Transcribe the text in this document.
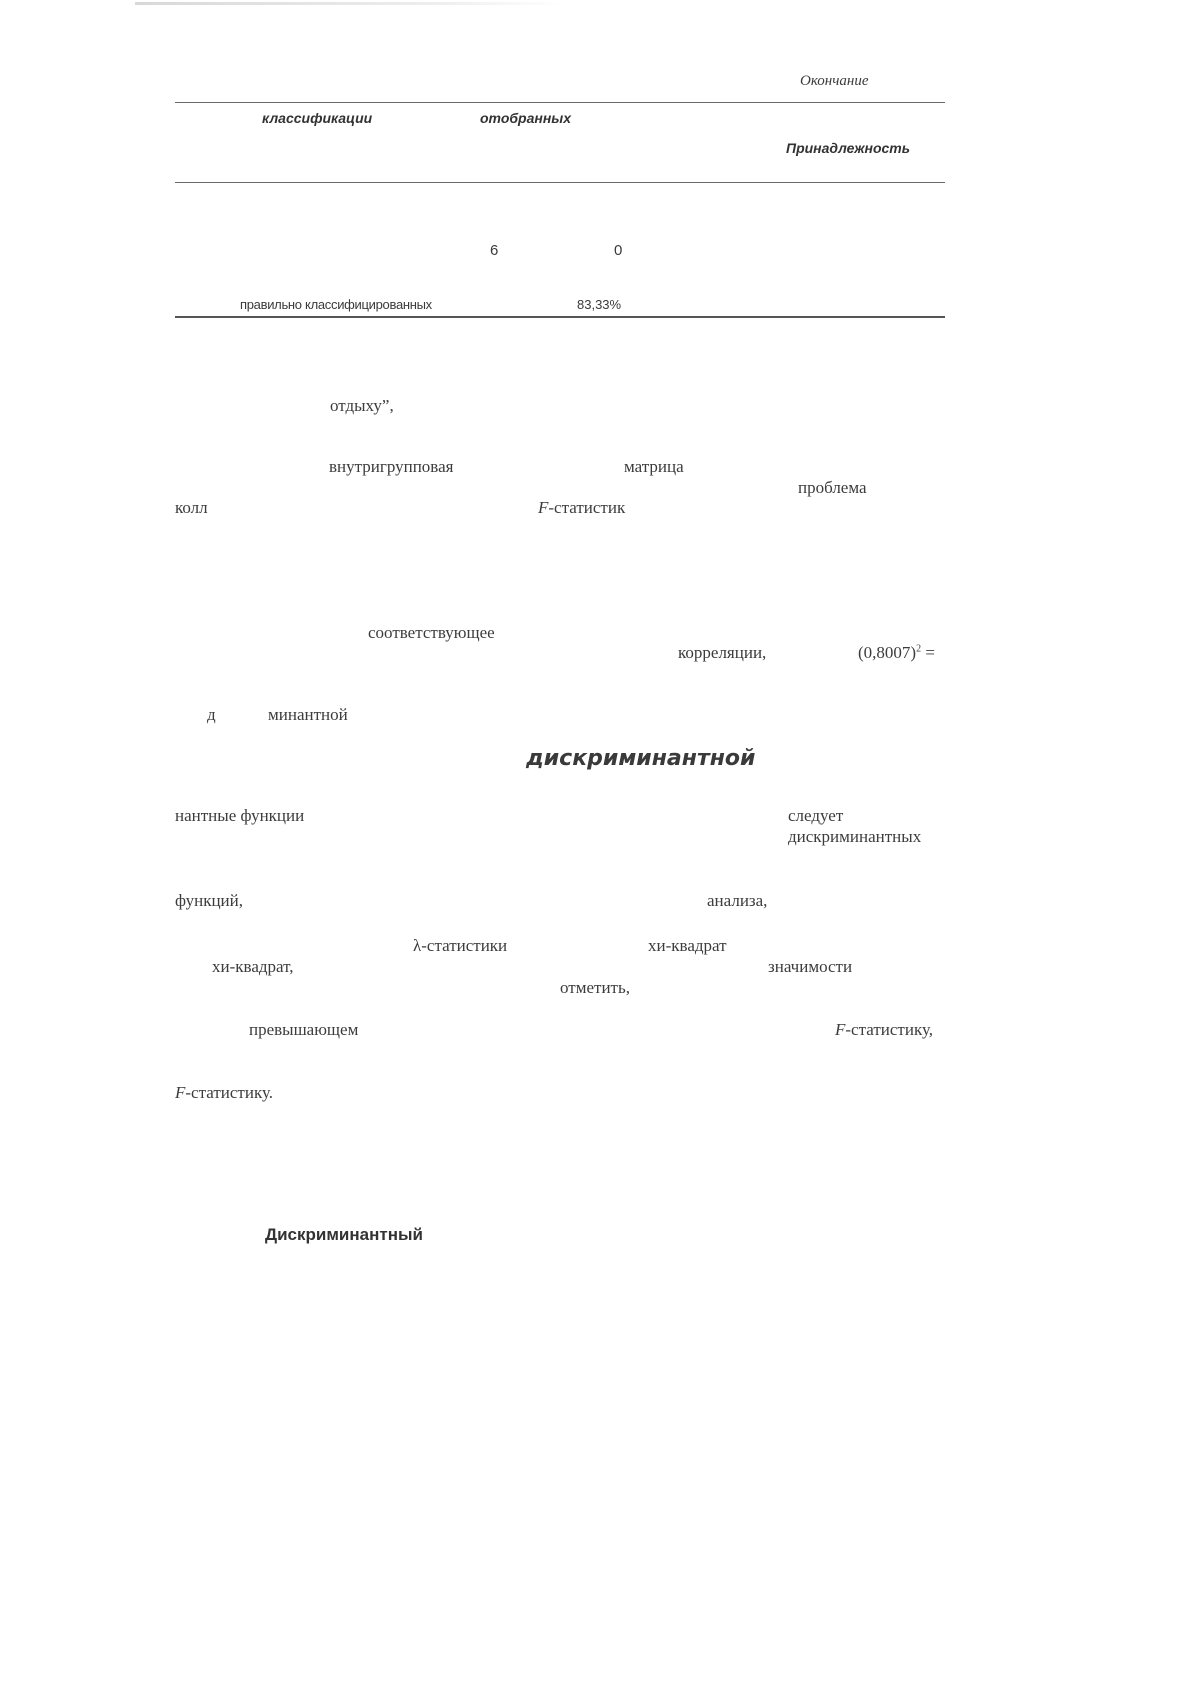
Окончание
классификации	отобранных
Принадлежность
6	0
правильно классифицированных	83,33%
отдыху”,
внутригрупповая	матрица
проблема
колл	F-статистик
соответствующее
корреляции,	$(0,8007)^2$ =
д	минантной
дискриминантной
нантные функции	следует
дискриминантных
функций,	анализа,
λ-статистики	хи-квадрат
хи-квадрат,	значимости
отметить,
превышающем	F-статистику,
F-статистику.
Дискриминантный
